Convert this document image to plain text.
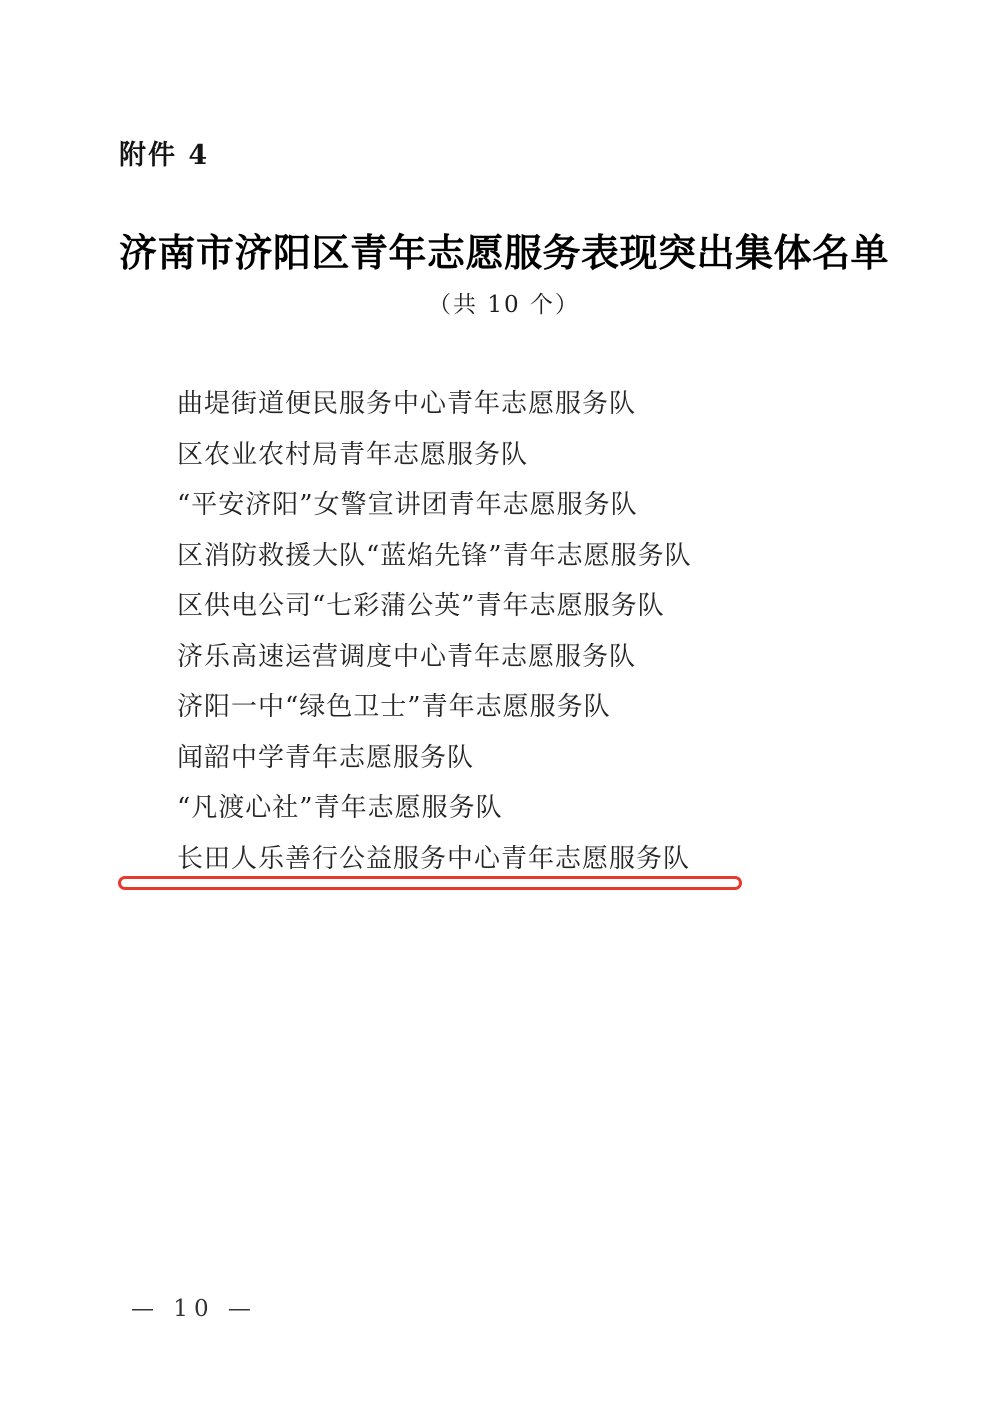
附件 4
济南市济阳区青年志愿服务表现突出集体名单
（共 10 个）
曲堤街道便民服务中心青年志愿服务队
区农业农村局青年志愿服务队
“平安济阳”女警宣讲团青年志愿服务队
区消防救援大队“蓝焰先锋”青年志愿服务队
区供电公司“七彩蒲公英”青年志愿服务队
济乐高速运营调度中心青年志愿服务队
济阳一中“绿色卫士”青年志愿服务队
闻韶中学青年志愿服务队
“凡渡心社”青年志愿服务队
长田人乐善行公益服务中心青年志愿服务队
— 10 —
